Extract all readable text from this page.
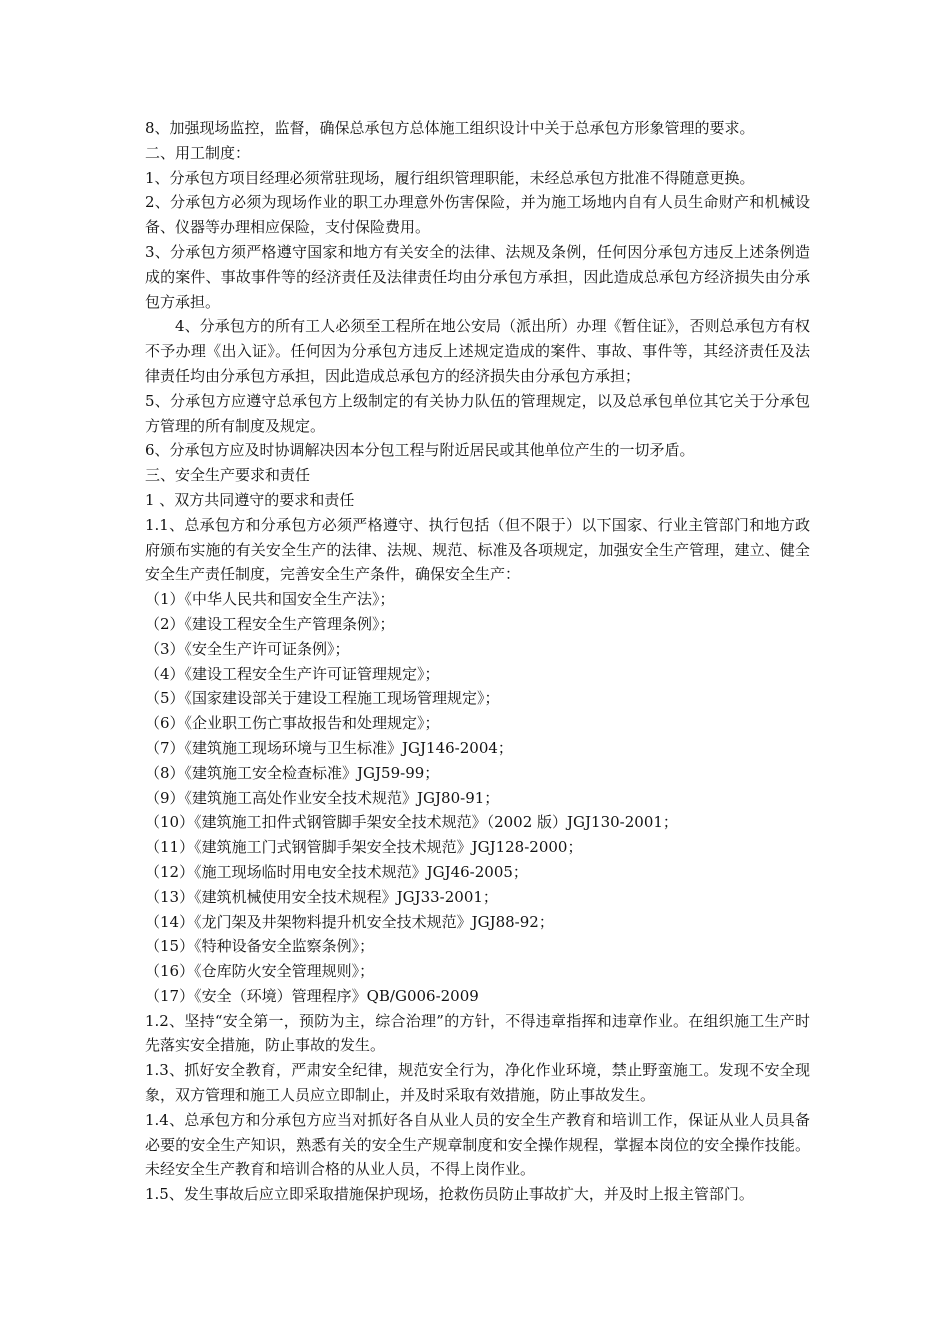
8、加强现场监控，监督，确保总承包方总体施工组织设计中关于总承包方形象管理的要求。

二、用工制度：

1、分承包方项目经理必须常驻现场，履行组织管理职能，未经总承包方批准不得随意更换。

2、分承包方必须为现场作业的职工办理意外伤害保险，并为施工场地内自有人员生命财产和机械设备、仪器等办理相应保险，支付保险费用。

3、分承包方须严格遵守国家和地方有关安全的法律、法规及条例，任何因分承包方违反上述条例造成的案件、事故事件等的经济责任及法律责任均由分承包方承担，因此造成总承包方经济损失由分承包方承担。

4、分承包方的所有工人必须至工程所在地公安局（派出所）办理《暂住证》，否则总承包方有权不予办理《出入证》。任何因为分承包方违反上述规定造成的案件、事故、事件等，其经济责任及法律责任均由分承包方承担，因此造成总承包方的经济损失由分承包方承担；

5、分承包方应遵守总承包方上级制定的有关协力队伍的管理规定，以及总承包单位其它关于分承包方管理的所有制度及规定。

6、分承包方应及时协调解决因本分包工程与附近居民或其他单位产生的一切矛盾。

三、安全生产要求和责任

1 、双方共同遵守的要求和责任

1.1、总承包方和分承包方必须严格遵守、执行包括（但不限于）以下国家、行业主管部门和地方政府颁布实施的有关安全生产的法律、法规、规范、标准及各项规定，加强安全生产管理，建立、健全安全生产责任制度，完善安全生产条件，确保安全生产：

（1）《中华人民共和国安全生产法》；

（2）《建设工程安全生产管理条例》；

（3）《安全生产许可证条例》；

（4）《建设工程安全生产许可证管理规定》；

（5）《国家建设部关于建设工程施工现场管理规定》；

（6）《企业职工伤亡事故报告和处理规定》；

（7）《建筑施工现场环境与卫生标准》JGJ146-2004；

（8）《建筑施工安全检查标准》JGJ59-99；

（9）《建筑施工高处作业安全技术规范》JGJ80-91；

（10）《建筑施工扣件式钢管脚手架安全技术规范》（2002 版）JGJ130-2001；

（11）《建筑施工门式钢管脚手架安全技术规范》JGJ128-2000；

（12）《施工现场临时用电安全技术规范》JGJ46-2005；

（13）《建筑机械使用安全技术规程》JGJ33-2001；

（14）《龙门架及井架物料提升机安全技术规范》JGJ88-92；

（15）《特种设备安全监察条例》；

（16）《仓库防火安全管理规则》；

（17）《安全（环境）管理程序》QB/G006-2009

1.2、坚持“安全第一，预防为主，综合治理”的方针，不得违章指挥和违章作业。在组织施工生产时先落实安全措施，防止事故的发生。

1.3、抓好安全教育，严肃安全纪律，规范安全行为，净化作业环境，禁止野蛮施工。发现不安全现象，双方管理和施工人员应立即制止，并及时采取有效措施，防止事故发生。

1.4、总承包方和分承包方应当对抓好各自从业人员的安全生产教育和培训工作，保证从业人员具备必要的安全生产知识，熟悉有关的安全生产规章制度和安全操作规程，掌握本岗位的安全操作技能。未经安全生产教育和培训合格的从业人员，不得上岗作业。

1.5、发生事故后应立即采取措施保护现场，抢救伤员防止事故扩大，并及时上报主管部门。
